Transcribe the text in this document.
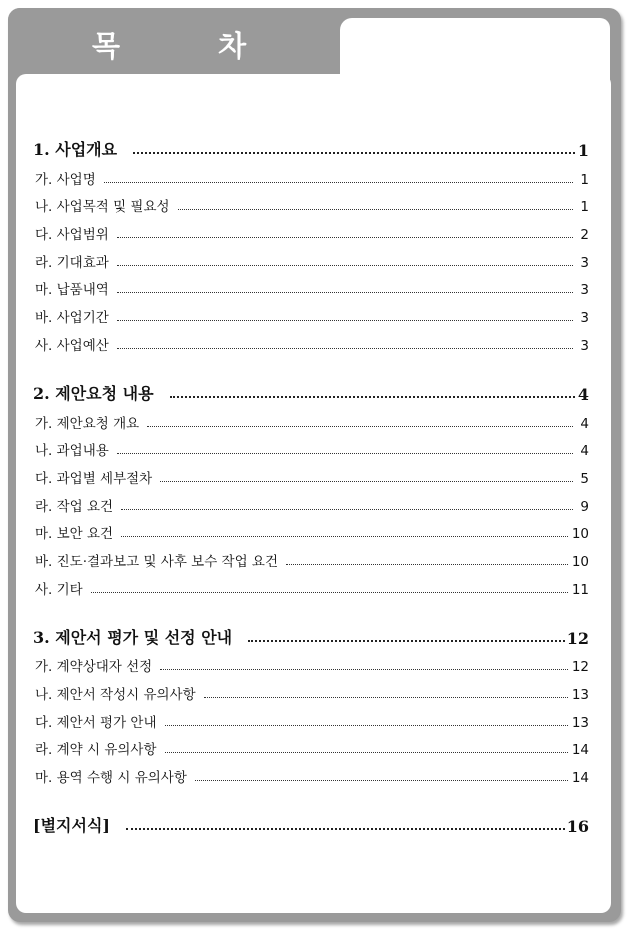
목 차
1. 사업개요	1
가. 사업명	1
나. 사업목적 및 필요성	1
다. 사업범위	2
라. 기대효과	3
마. 납품내역	3
바. 사업기간	3
사. 사업예산	3
2. 제안요청 내용	4
가. 제안요청 개요	4
나. 과업내용	4
다. 과업별 세부절차	5
라. 작업 요건	9
마. 보안 요건	10
바. 진도·결과보고 및 사후 보수 작업 요건	10
사. 기타	11
3. 제안서 평가 및 선정 안내	12
가. 계약상대자 선정	12
나. 제안서 작성시 유의사항	13
다. 제안서 평가 안내	13
라. 계약 시 유의사항	14
마. 용역 수행 시 유의사항	14
[별지서식]	16
